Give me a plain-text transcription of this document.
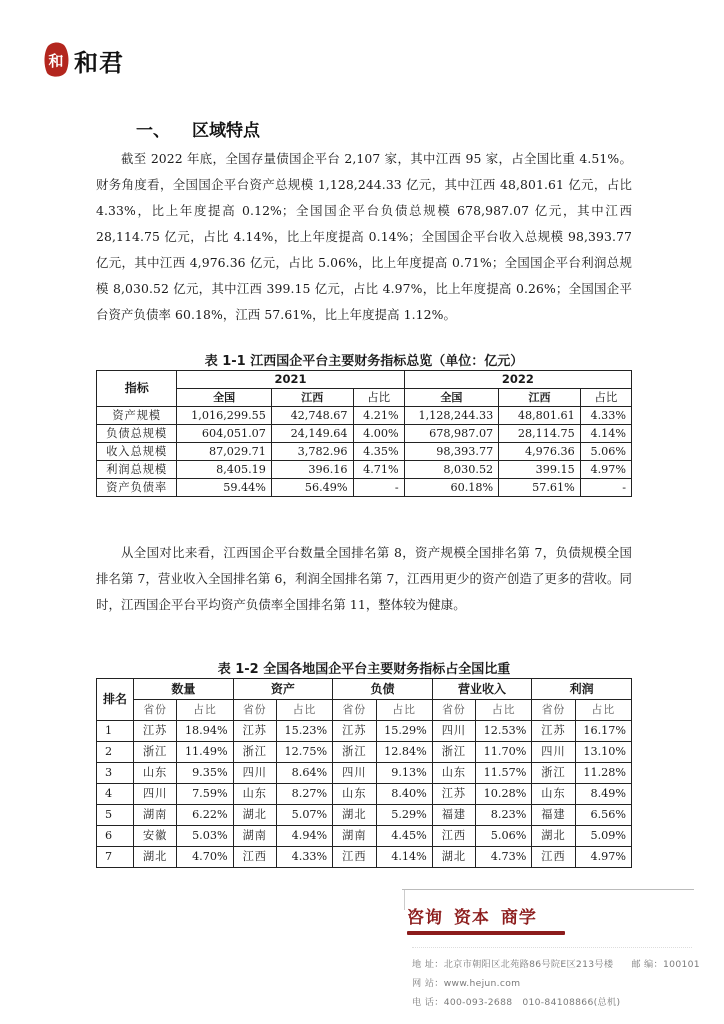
和 和君
一、 区域特点

截至 2022 年底，全国存量债国企平台 2,107 家，其中江西 95 家，占全国比重 4.51%。财务角度看，全国国企平台资产总规模 1,128,244.33 亿元，其中江西 48,801.61 亿元，占比 4.33%，比上年度提高 0.12%；全国国企平台负债总规模 678,987.07 亿元，其中江西 28,114.75 亿元，占比 4.14%，比上年度提高 0.14%；全国国企平台收入总规模 98,393.77 亿元，其中江西 4,976.36 亿元，占比 5.06%，比上年度提高 0.71%；全国国企平台利润总规模 8,030.52 亿元，其中江西 399.15 亿元，占比 4.97%，比上年度提高 0.26%；全国国企平台资产负债率 60.18%，江西 57.61%，比上年度提高 1.12%。

表 1-1 江西国企平台主要财务指标总览（单位：亿元）
指标	2021			2022		
	全国	江西	占比	全国	江西	占比
资产规模	1,016,299.55	42,748.67	4.21%	1,128,244.33	48,801.61	4.33%
负债总规模	604,051.07	24,149.64	4.00%	678,987.07	28,114.75	4.14%
收入总规模	87,029.71	3,782.96	4.35%	98,393.77	4,976.36	5.06%
利润总规模	8,405.19	396.16	4.71%	8,030.52	399.15	4.97%
资产负债率	59.44%	56.49%	-	60.18%	57.61%	-

从全国对比来看，江西国企平台数量全国排名第 8，资产规模全国排名第 7，负债规模全国排名第 7，营业收入全国排名第 6，利润全国排名第 7，江西用更少的资产创造了更多的营收。同时，江西国企平台平均资产负债率全国排名第 11，整体较为健康。

表 1-2 全国各地国企平台主要财务指标占全国比重
排名	数量		资产		负债		营业收入		利润	
	省份	占比	省份	占比	省份	占比	省份	占比	省份	占比
1	江苏	18.94%	江苏	15.23%	江苏	15.29%	四川	12.53%	江苏	16.17%
2	浙江	11.49%	浙江	12.75%	浙江	12.84%	浙江	11.70%	四川	13.10%
3	山东	9.35%	四川	8.64%	四川	9.13%	山东	11.57%	浙江	11.28%
4	四川	7.59%	山东	8.27%	山东	8.40%	江苏	10.28%	山东	8.49%
5	湖南	6.22%	湖北	5.07%	湖北	5.29%	福建	8.23%	福建	6.56%
6	安徽	5.03%	湖南	4.94%	湖南	4.45%	江西	5.06%	湖北	5.09%
7	湖北	4.70%	江西	4.33%	江西	4.14%	湖北	4.73%	江西	4.97%
咨询 资本 商学
地 址：北京市朝阳区北苑路86号院E区213号楼 邮 编：100101
网 站：www.hejun.com
电 话：400-093-2688 010-84108866(总机)
